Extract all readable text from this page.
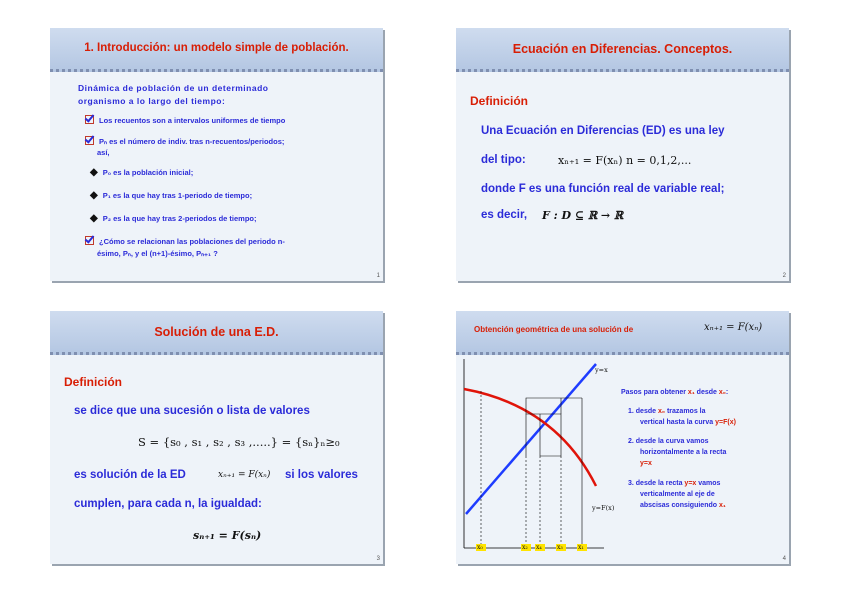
1. Introducción: un modelo simple de población.
Dinámica de población de un determinado
organismo a lo largo del tiempo:
Los recuentos son a intervalos uniformes de tiempo
Pₙ es el número de indiv. tras n-recuentos/periodos;
así,
◆ P₀ es la población inicial;
◆ P₁ es la que hay tras 1-periodo de tiempo;
◆ P₂ es la que hay tras 2-periodos de tiempo;
¿Cómo se relacionan las poblaciones del periodo n-
ésimo, Pₙ, y el (n+1)-ésimo, Pₙ₊₁ ?
1
Ecuación en Diferencias. Conceptos.
Definición
Una Ecuación en Diferencias (ED) es una ley
del tipo:	xₙ₊₁ = F(xₙ) n = 0,1,2,...
donde F es una función real de variable real;
es decir, F : D ⊆ ℝ → ℝ
2
Solución de una E.D.
Definición
se dice que una sucesión o lista de valores
S = {s₀ , s₁ , s₂ , s₃ ,.....} = {sₙ}ₙ≥₀
es solución de la ED	xₙ₊₁ = F(xₙ) si los valores
cumplen, para cada n, la igualdad:
sₙ₊₁ = F(sₙ)
3
Obtención geométrica de una solución de	xₙ₊₁ = F(xₙ)
x₀	x₂ x₄	x₃	x₁
y=x
y=F(x)
Pasos para obtener x₁ desde x₀:
1. desde x₀ trazamos la
vertical hasta la curva y=F(x)
2. desde la curva vamos
horizontalmente a la recta
y=x
3. desde la recta y=x vamos
verticalmente al eje de
abscisas consiguiendo x₁
4
